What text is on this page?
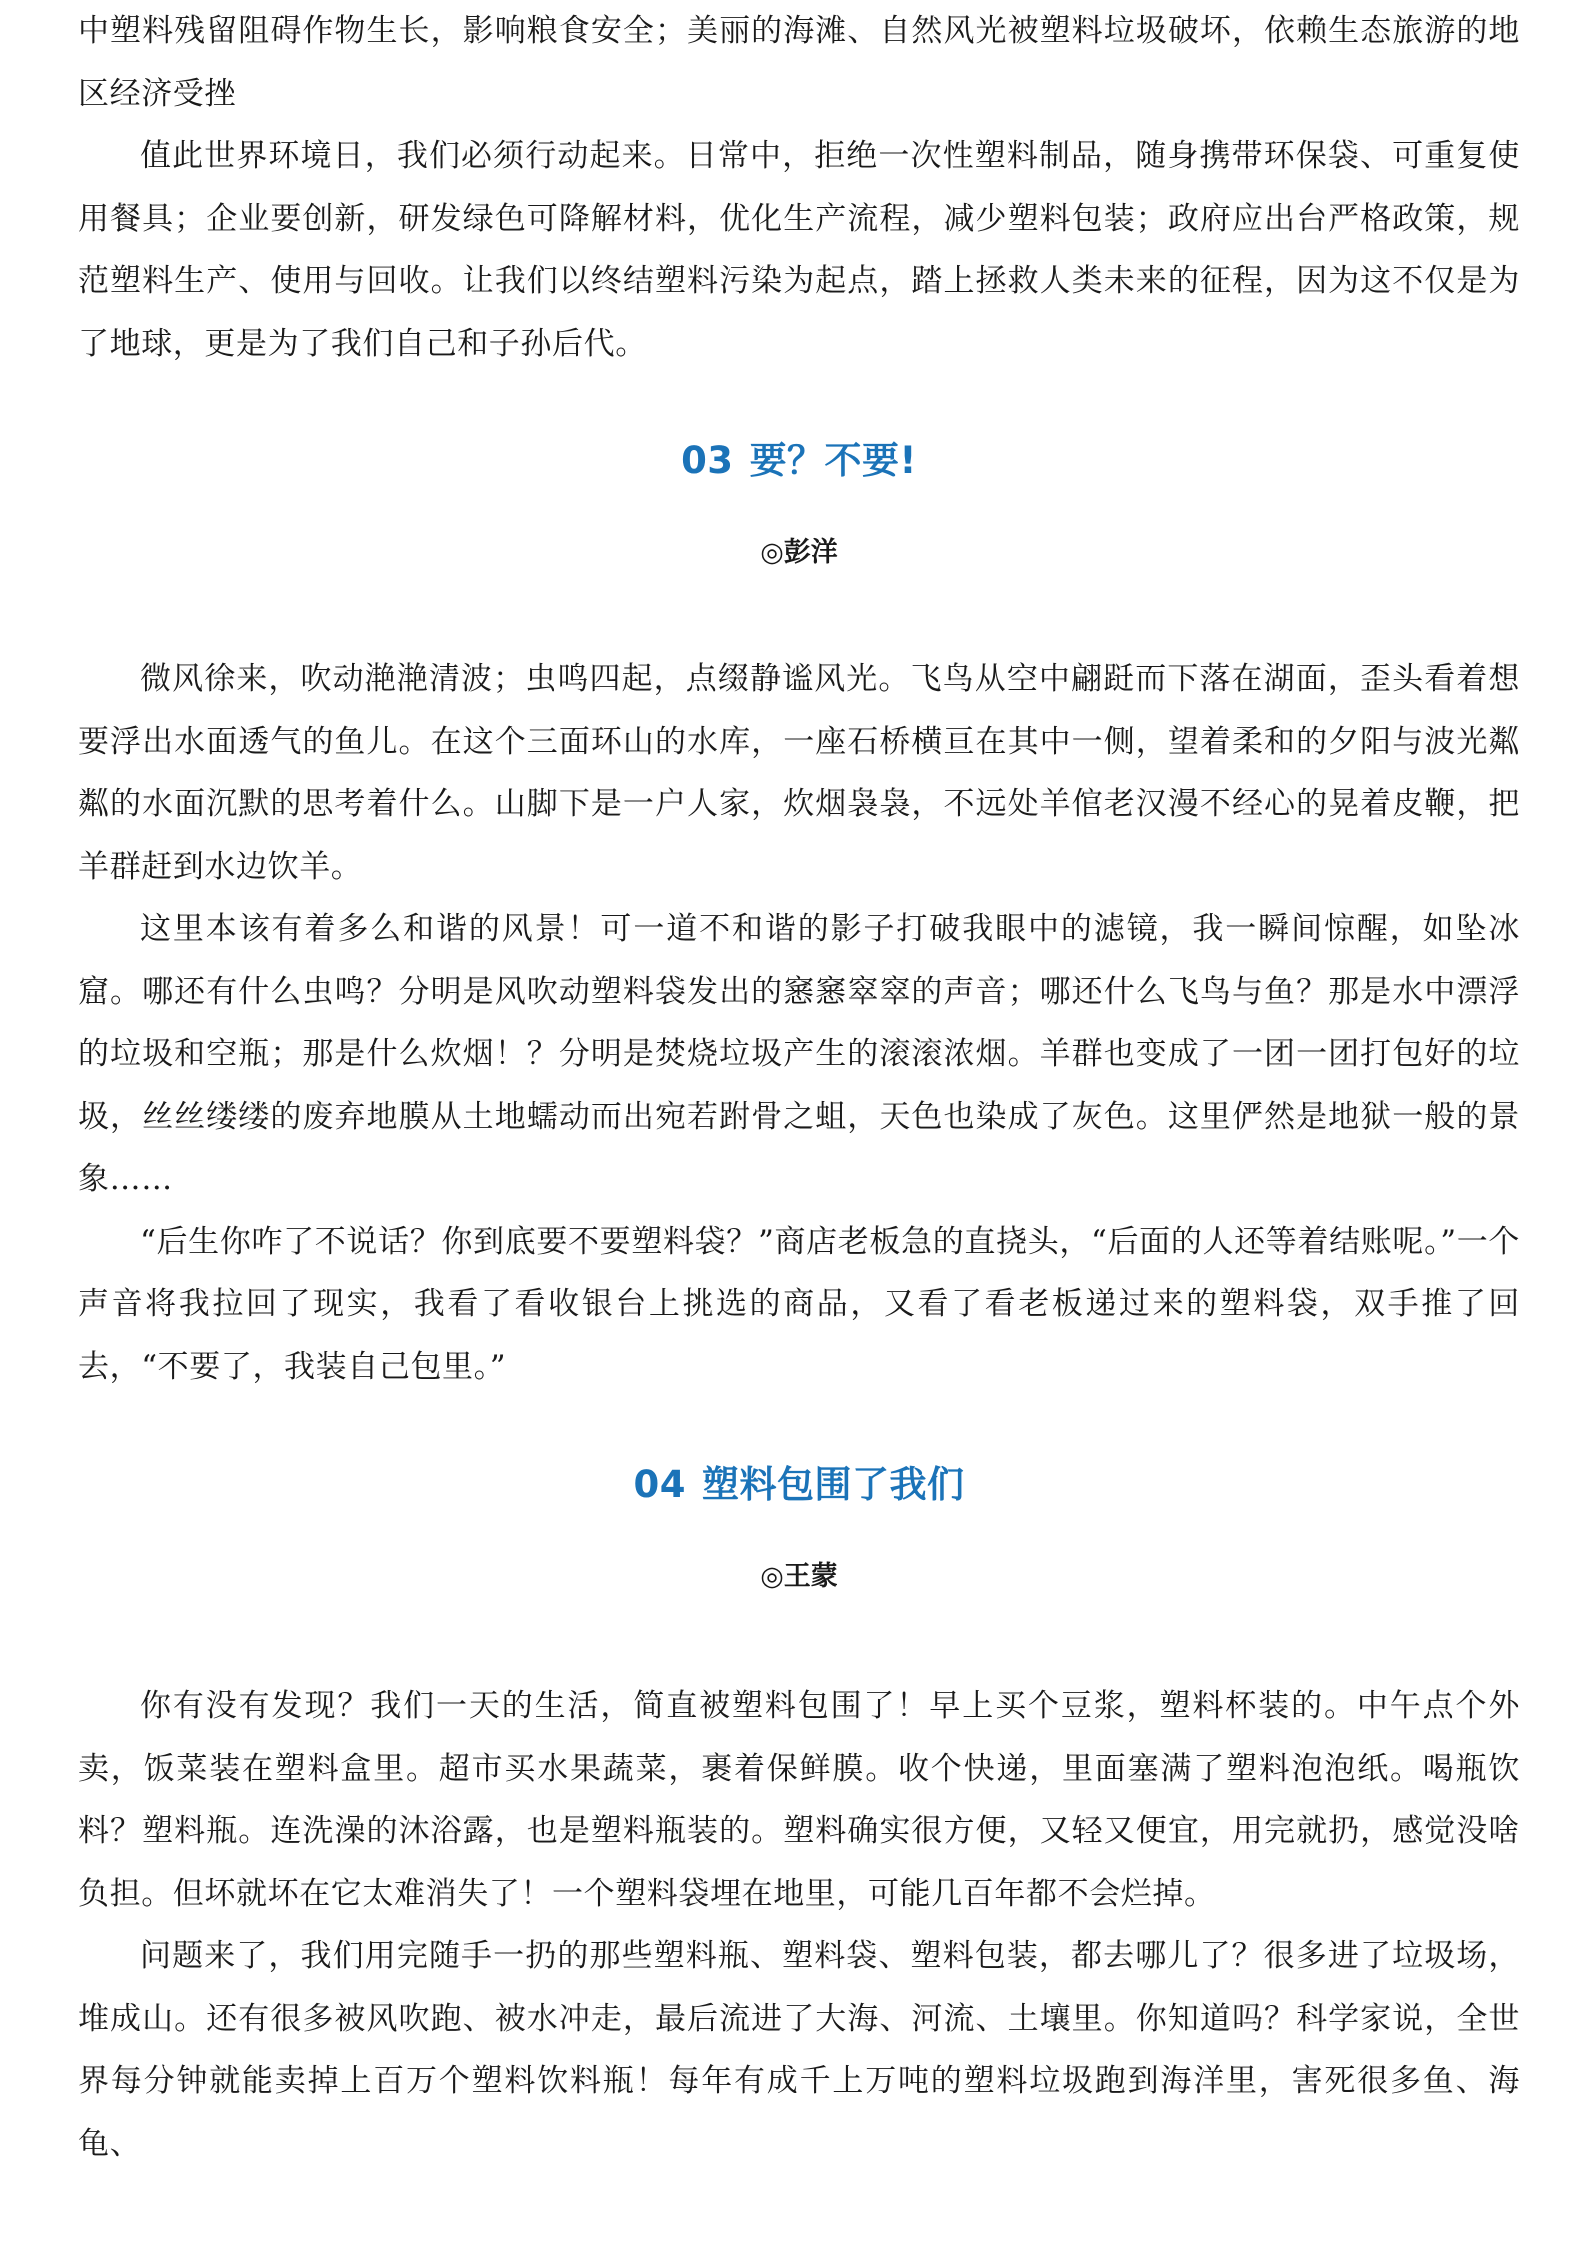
中塑料残留阻碍作物生长，影响粮食安全；美丽的海滩、自然风光被塑料垃圾破坏，依赖生态旅游的地区经济受挫

值此世界环境日，我们必须行动起来。日常中，拒绝一次性塑料制品，随身携带环保袋、可重复使用餐具；企业要创新，研发绿色可降解材料，优化生产流程，减少塑料包装；政府应出台严格政策，规范塑料生产、使用与回收。让我们以终结塑料污染为起点，踏上拯救人类未来的征程，因为这不仅是为了地球，更是为了我们自己和子孙后代。

03 要？不要!

◎彭洋

微风徐来，吹动滟滟清波；虫鸣四起，点缀静谧风光。飞鸟从空中翩跹而下落在湖面，歪头看着想要浮出水面透气的鱼儿。在这个三面环山的水库，一座石桥横亘在其中一侧，望着柔和的夕阳与波光粼粼的水面沉默的思考着什么。山脚下是一户人家，炊烟袅袅，不远处羊倌老汉漫不经心的晃着皮鞭，把羊群赶到水边饮羊。

这里本该有着多么和谐的风景！可一道不和谐的影子打破我眼中的滤镜，我一瞬间惊醒，如坠冰窟。哪还有什么虫鸣？分明是风吹动塑料袋发出的窸窸窣窣的声音；哪还什么飞鸟与鱼？那是水中漂浮的垃圾和空瓶；那是什么炊烟！？分明是焚烧垃圾产生的滚滚浓烟。羊群也变成了一团一团打包好的垃圾，丝丝缕缕的废弃地膜从土地蠕动而出宛若跗骨之蛆，天色也染成了灰色。这里俨然是地狱一般的景象……

“后生你咋了不说话？你到底要不要塑料袋？”商店老板急的直挠头，“后面的人还等着结账呢。”一个声音将我拉回了现实，我看了看收银台上挑选的商品，又看了看老板递过来的塑料袋，双手推了回去，“不要了，我装自己包里。”

04 塑料包围了我们

◎王蒙

你有没有发现？我们一天的生活，简直被塑料包围了！早上买个豆浆，塑料杯装的。中午点个外卖，饭菜装在塑料盒里。超市买水果蔬菜，裹着保鲜膜。收个快递，里面塞满了塑料泡泡纸。喝瓶饮料？塑料瓶。连洗澡的沐浴露，也是塑料瓶装的。塑料确实很方便，又轻又便宜，用完就扔，感觉没啥负担。但坏就坏在它太难消失了！一个塑料袋埋在地里，可能几百年都不会烂掉。

问题来了，我们用完随手一扔的那些塑料瓶、塑料袋、塑料包装，都去哪儿了？很多进了垃圾场，堆成山。还有很多被风吹跑、被水冲走，最后流进了大海、河流、土壤里。你知道吗？科学家说，全世界每分钟就能卖掉上百万个塑料饮料瓶！每年有成千上万吨的塑料垃圾跑到海洋里，害死很多鱼、海龟、
